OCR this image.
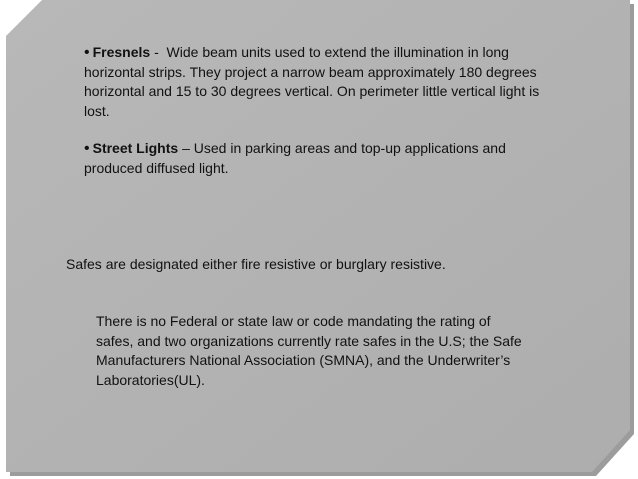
• Fresnels -  Wide beam units used to extend the illumination in long
horizontal strips. They project a narrow beam approximately 180 degrees
horizontal and 15 to 30 degrees vertical. On perimeter little vertical light is
lost.
• Street Lights – Used in parking areas and top-up applications and
produced diffused light.
Safes are designated either fire resistive or burglary resistive.
There is no Federal or state law or code mandating the rating of
safes, and two organizations currently rate safes in the U.S; the Safe
Manufacturers National Association (SMNA), and the Underwriter’s
Laboratories(UL).
